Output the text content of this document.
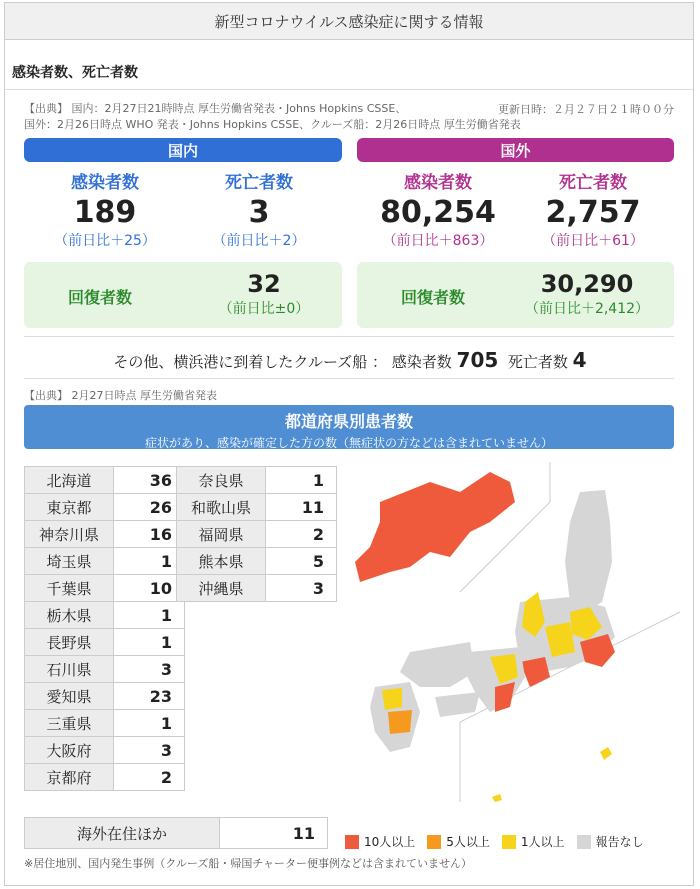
新型コロナウイルス感染症に関する情報
感染者数、死亡者数
【出典】 国内：2月27日21時時点 厚生労働省発表・Johns Hopkins CSSE、
国外：2月26日時点 WHO 発表・Johns Hopkins CSSE、クルーズ船：2月26日時点 厚生労働省発表
更新日時：２月２７日２１時００分
国内
感染者数
189
（前日比＋25）
死亡者数
3
（前日比＋2）
回復者数	32
（前日比±0）
国外
感染者数
80,254
（前日比＋863）
死亡者数
2,757
（前日比＋61）
回復者数	30,290
（前日比＋2,412）
その他、横浜港に到着したクルーズ船 ： 感染者数 705 死亡者数 4
【出典】 2月27日時点 厚生労働省発表
都道府県別患者数
症状があり、感染が確定した方の数（無症状の方などは含まれていません）
北海道	36
東京都	26
神奈川県	16
埼玉県	1
千葉県	10
栃木県	1
長野県	1
石川県	3
愛知県	23
三重県	1
大阪府	3
京都府	2
奈良県	1
和歌山県	11
福岡県	2
熊本県	5
沖縄県	3
海外在住ほか	11	10人以上	5人以上	1人以上	報告なし
※居住地別、国内発生事例（クルーズ船・帰国チャーター便事例などは含まれていません）
